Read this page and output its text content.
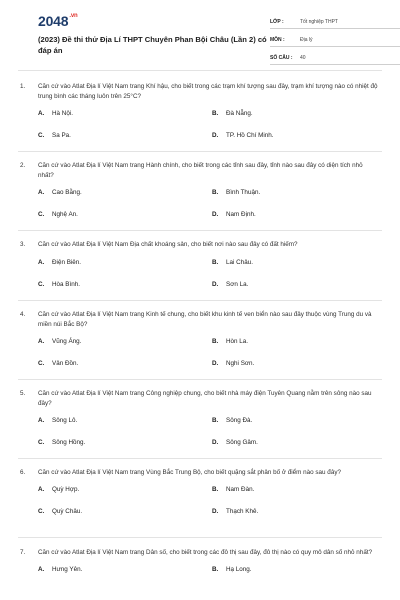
$2048^{.vn}$
(2023) Đề thi thử Địa Lí THPT Chuyên Phan Bội Châu (Lần 2) có đáp án
LỚP :	Tốt nghiệp THPT
MÔN :	Địa lý
SỐ CÂU :	40
1.	Căn cứ vào Atlat Địa lí Việt Nam trang Khí hậu, cho biết trong các trạm khí tượng sau đây, trạm khí tượng nào có nhiệt độ trung bình các tháng luôn trên 25°C?
A.	Hà Nội.	B.	Đà Nẵng.
C.	Sa Pa.	D.	TP. Hồ Chí Minh.
2.	Căn cứ vào Atlat Địa lí Việt Nam trang Hành chính, cho biết trong các tỉnh sau đây, tỉnh nào sau đây có diện tích nhỏ nhất?
A.	Cao Bằng.	B.	Bình Thuận.
C.	Nghệ An.	D.	Nam Định.
3.	Căn cứ vào Atlat Địa lí Việt Nam Địa chất khoáng sản, cho biết nơi nào sau đây có đất hiếm?
A.	Điện Biên.	B.	Lai Châu.
C.	Hòa Bình.	D.	Sơn La.
4.	Căn cứ vào Atlat Địa lí Việt Nam trang Kinh tế chung, cho biết khu kinh tế ven biển nào sau đây thuộc vùng Trung du và miền núi Bắc Bộ?
A.	Vũng Áng.	B.	Hòn La.
C.	Vân Đồn.	D.	Nghi Sơn.
5.	Căn cứ vào Atlat Địa lí Việt Nam trang Công nghiệp chung, cho biết nhà máy điện Tuyên Quang nằm trên sông nào sau đây?
A.	Sông Lô.	B.	Sông Đà.
C.	Sông Hồng.	D.	Sông Gâm.
6.	Căn cứ vào Atlat Địa lí Việt Nam trang Vùng Bắc Trung Bộ, cho biết quặng sắt phân bố ở điểm nào sau đây?
A.	Quỳ Hợp.	B.	Nam Đàn.
C.	Quỳ Châu.	D.	Thạch Khê.
7.	Căn cứ vào Atlat Địa lí Việt Nam trang Dân số, cho biết trong các đô thị sau đây, đô thị nào có quy mô dân số nhỏ nhất?
A.	Hưng Yên.	B.	Hạ Long.
